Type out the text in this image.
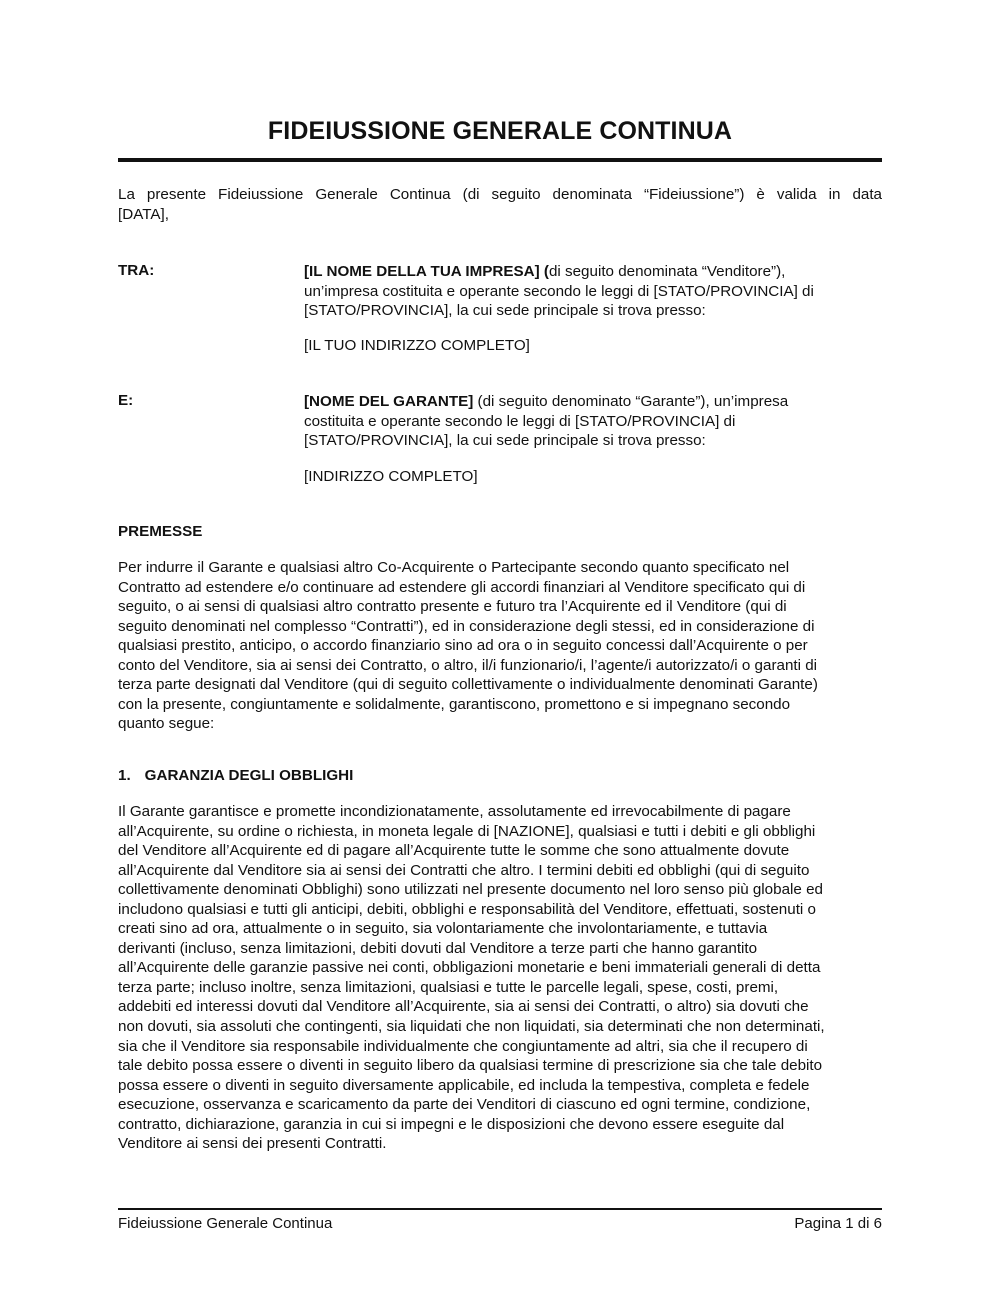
FIDEIUSSIONE GENERALE CONTINUA
La presente Fideiussione Generale Continua (di seguito denominata “Fideiussione”) è valida in data
[DATA],
TRA:	[IL NOME DELLA TUA IMPRESA] (di seguito denominata “Venditore”),
un’impresa costituita e operante secondo le leggi di [STATO/PROVINCIA] di
[STATO/PROVINCIA], la cui sede principale si trova presso:
[IL TUO INDIRIZZO COMPLETO]
E:	[NOME DEL GARANTE] (di seguito denominato “Garante”), un’impresa
costituita e operante secondo le leggi di [STATO/PROVINCIA] di
[STATO/PROVINCIA], la cui sede principale si trova presso:
[INDIRIZZO COMPLETO]
PREMESSE
Per indurre il Garante e qualsiasi altro Co-Acquirente o Partecipante secondo quanto specificato nel
Contratto ad estendere e/o continuare ad estendere gli accordi finanziari al Venditore specificato qui di
seguito, o ai sensi di qualsiasi altro contratto presente e futuro tra l’Acquirente ed il Venditore (qui di
seguito denominati nel complesso “Contratti”), ed in considerazione degli stessi, ed in considerazione di
qualsiasi prestito, anticipo, o accordo finanziario sino ad ora o in seguito concessi dall’Acquirente o per
conto del Venditore, sia ai sensi dei Contratto, o altro, il/i funzionario/i, l’agente/i autorizzato/i o garanti di
terza parte designati dal Venditore (qui di seguito collettivamente o individualmente denominati Garante)
con la presente, congiuntamente e solidalmente, garantiscono, promettono e si impegnano secondo
quanto segue:
1. GARANZIA DEGLI OBBLIGHI
Il Garante garantisce e promette incondizionatamente, assolutamente ed irrevocabilmente di pagare
all’Acquirente, su ordine o richiesta, in moneta legale di [NAZIONE], qualsiasi e tutti i debiti e gli obblighi
del Venditore all’Acquirente ed di pagare all’Acquirente tutte le somme che sono attualmente dovute
all’Acquirente dal Venditore sia ai sensi dei Contratti che altro. I termini debiti ed obblighi (qui di seguito
collettivamente denominati Obblighi) sono utilizzati nel presente documento nel loro senso più globale ed
includono qualsiasi e tutti gli anticipi, debiti, obblighi e responsabilità del Venditore, effettuati, sostenuti o
creati sino ad ora, attualmente o in seguito, sia volontariamente che involontariamente, e tuttavia
derivanti (incluso, senza limitazioni, debiti dovuti dal Venditore a terze parti che hanno garantito
all’Acquirente delle garanzie passive nei conti, obbligazioni monetarie e beni immateriali generali di detta
terza parte; incluso inoltre, senza limitazioni, qualsiasi e tutte le parcelle legali, spese, costi, premi,
addebiti ed interessi dovuti dal Venditore all’Acquirente, sia ai sensi dei Contratti, o altro) sia dovuti che
non dovuti, sia assoluti che contingenti, sia liquidati che non liquidati, sia determinati che non determinati,
sia che il Venditore sia responsabile individualmente che congiuntamente ad altri, sia che il recupero di
tale debito possa essere o diventi in seguito libero da qualsiasi termine di prescrizione sia che tale debito
possa essere o diventi in seguito diversamente applicabile, ed includa la tempestiva, completa e fedele
esecuzione, osservanza e scaricamento da parte dei Venditori di ciascuno ed ogni termine, condizione,
contratto, dichiarazione, garanzia in cui si impegni e le disposizioni che devono essere eseguite dal
Venditore ai sensi dei presenti Contratti.
Fideiussione Generale Continua	Pagina 1 di 6
